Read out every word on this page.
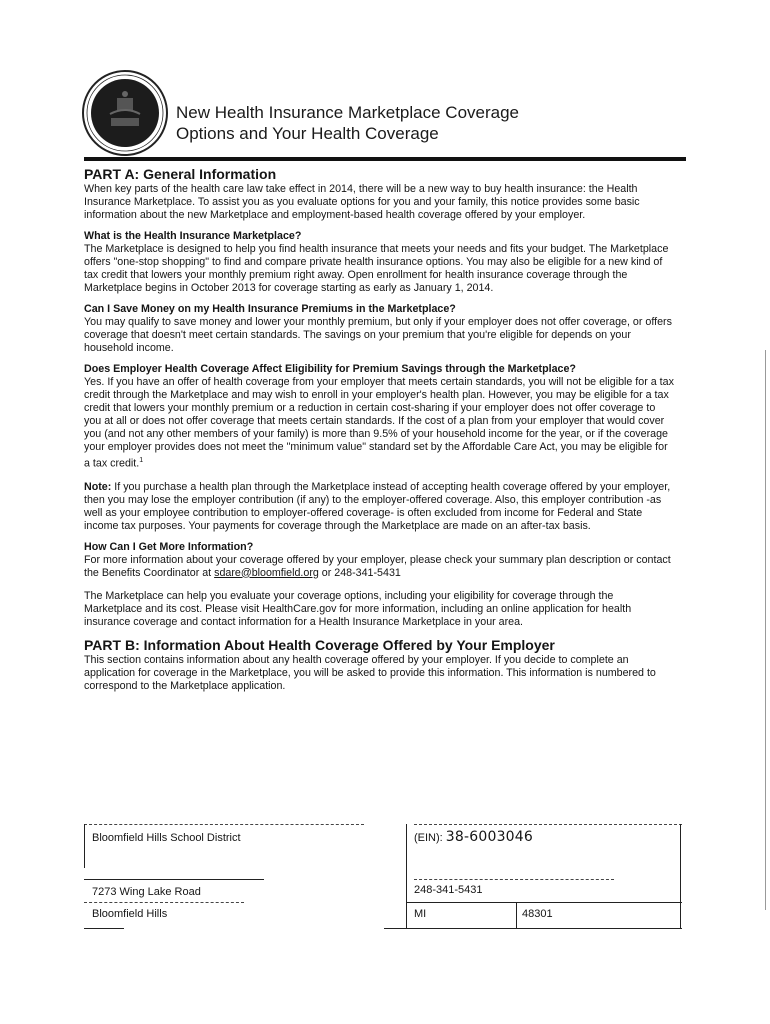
New Health Insurance Marketplace Coverage
Options and Your Health Coverage
PART A: General Information

When key parts of the health care law take effect in 2014, there will be a new way to buy health insurance: the Health Insurance Marketplace. To assist you as you evaluate options for you and your family, this notice provides some basic information about the new Marketplace and employment-based health coverage offered by your employer.

What is the Health Insurance Marketplace?

The Marketplace is designed to help you find health insurance that meets your needs and fits your budget. The Marketplace offers "one-stop shopping" to find and compare private health insurance options. You may also be eligible for a new kind of tax credit that lowers your monthly premium right away. Open enrollment for health insurance coverage through the Marketplace begins in October 2013 for coverage starting as early as January 1, 2014.

Can I Save Money on my Health Insurance Premiums in the Marketplace?

You may qualify to save money and lower your monthly premium, but only if your employer does not offer coverage, or offers coverage that doesn't meet certain standards. The savings on your premium that you're eligible for depends on your household income.

Does Employer Health Coverage Affect Eligibility for Premium Savings through the Marketplace?

Yes. If you have an offer of health coverage from your employer that meets certain standards, you will not be eligible for a tax credit through the Marketplace and may wish to enroll in your employer's health plan. However, you may be eligible for a tax credit that lowers your monthly premium or a reduction in certain cost-sharing if your employer does not offer coverage to you at all or does not offer coverage that meets certain standards. If the cost of a plan from your employer that would cover you (and not any other members of your family) is more than 9.5% of your household income for the year, or if the coverage your employer provides does not meet the "minimum value" standard set by the Affordable Care Act, you may be eligible for a tax credit.$^1$

Note: If you purchase a health plan through the Marketplace instead of accepting health coverage offered by your employer, then you may lose the employer contribution (if any) to the employer-offered coverage. Also, this employer contribution -as well as your employee contribution to employer-offered coverage- is often excluded from income for Federal and State income tax purposes. Your payments for coverage through the Marketplace are made on an after-tax basis.

How Can I Get More Information?

For more information about your coverage offered by your employer, please check your summary plan description or contact the Benefits Coordinator at sdare@bloomfield.org or 248-341-5431

The Marketplace can help you evaluate your coverage options, including your eligibility for coverage through the Marketplace and its cost. Please visit HealthCare.gov for more information, including an online application for health insurance coverage and contact information for a Health Insurance Marketplace in your area.

PART B: Information About Health Coverage Offered by Your Employer

This section contains information about any health coverage offered by your employer. If you decide to complete an application for coverage in the Marketplace, you will be asked to provide this information. This information is numbered to correspond to the Marketplace application.

Bloomfield Hills School District	(EIN): 38-6003046
7273 Wing Lake Road	248-341-5431
Bloomfield Hills	MI	48301
